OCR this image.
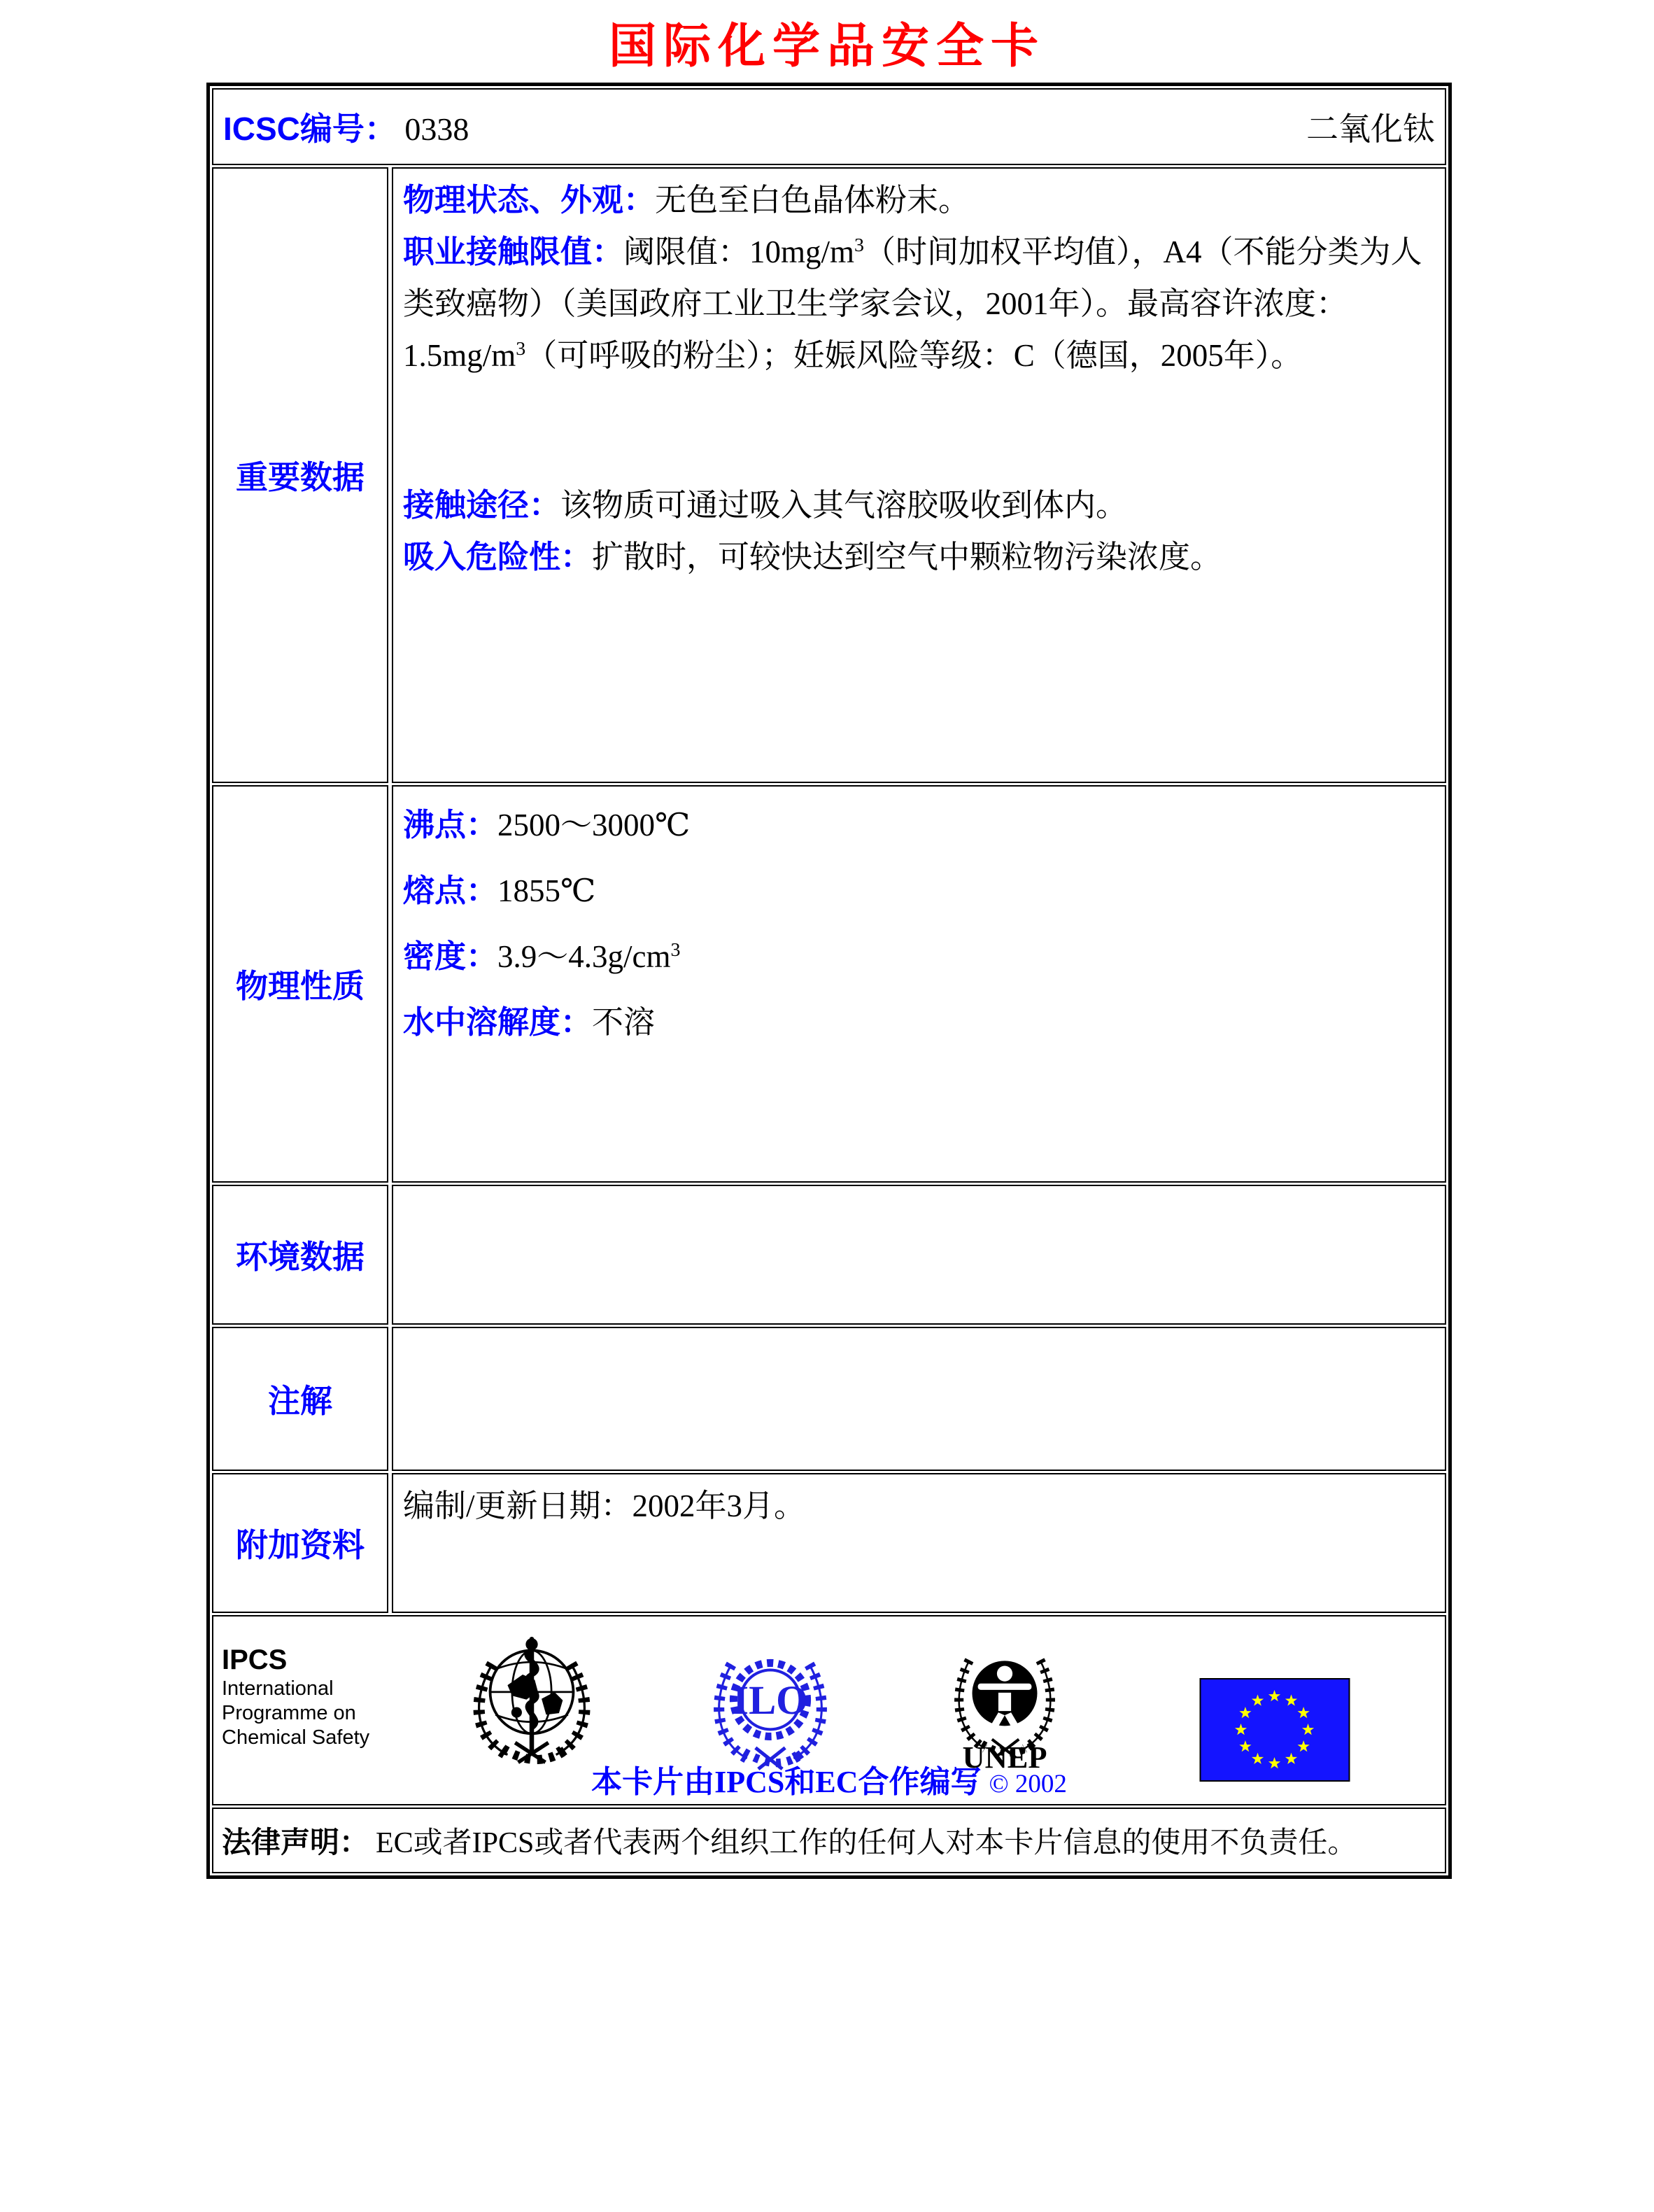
国际化学品安全卡
ICSC编号： 0338	二氧化钛
重要数据

物理状态、外观：无色至白色晶体粉末。

职业接触限值：阈限值：$10mg/m^3$（时间加权平均值），A4（不能分类为人类致癌物）（美国政府工业卫生学家会议，2001年）。最高容许浓度：$1.5mg/m^3$（可呼吸的粉尘）；妊娠风险等级：C（德国，2005年）。

接触途径：该物质可通过吸入其气溶胶吸收到体内。

吸入危险性：扩散时，可较快达到空气中颗粒物污染浓度。

物理性质

沸点：2500～3000℃

熔点：1855℃

密度：$3.9\sim 4.3g/cm^3$

水中溶解度：不溶

环境数据
注解
附加资料

编制/更新日期：2002年3月。

IPCS
International
Programme on
Chemical Safety
ILO
UNEP
本卡片由IPCS和EC合作编写 © 2002
法律声明： EC或者IPCS或者代表两个组织工作的任何人对本卡片信息的使用不负责任。
